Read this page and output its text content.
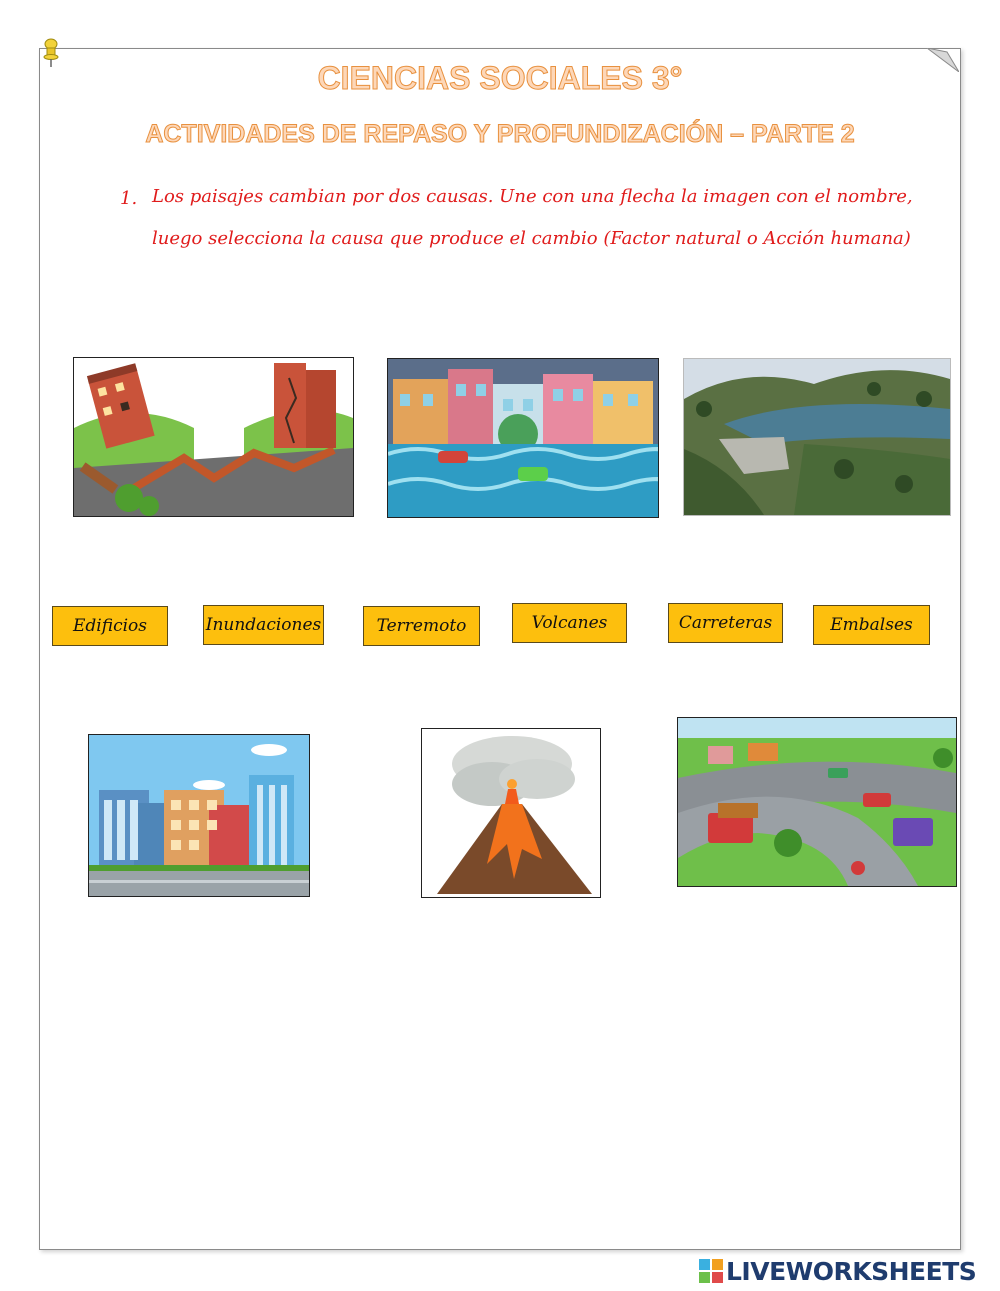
CIENCIAS SOCIALES 3°
ACTIVIDADES DE REPASO Y PROFUNDIZACIÓN – PARTE 2
1. Los paisajes cambian por dos causas. Une con una flecha la imagen con el nombre,
luego selecciona la causa que produce el cambio (Factor natural o Acción humana)
Edificios	Inundaciones	Terremoto	Volcanes	Carreteras	Embalses
LIVEWORKSHEETS
